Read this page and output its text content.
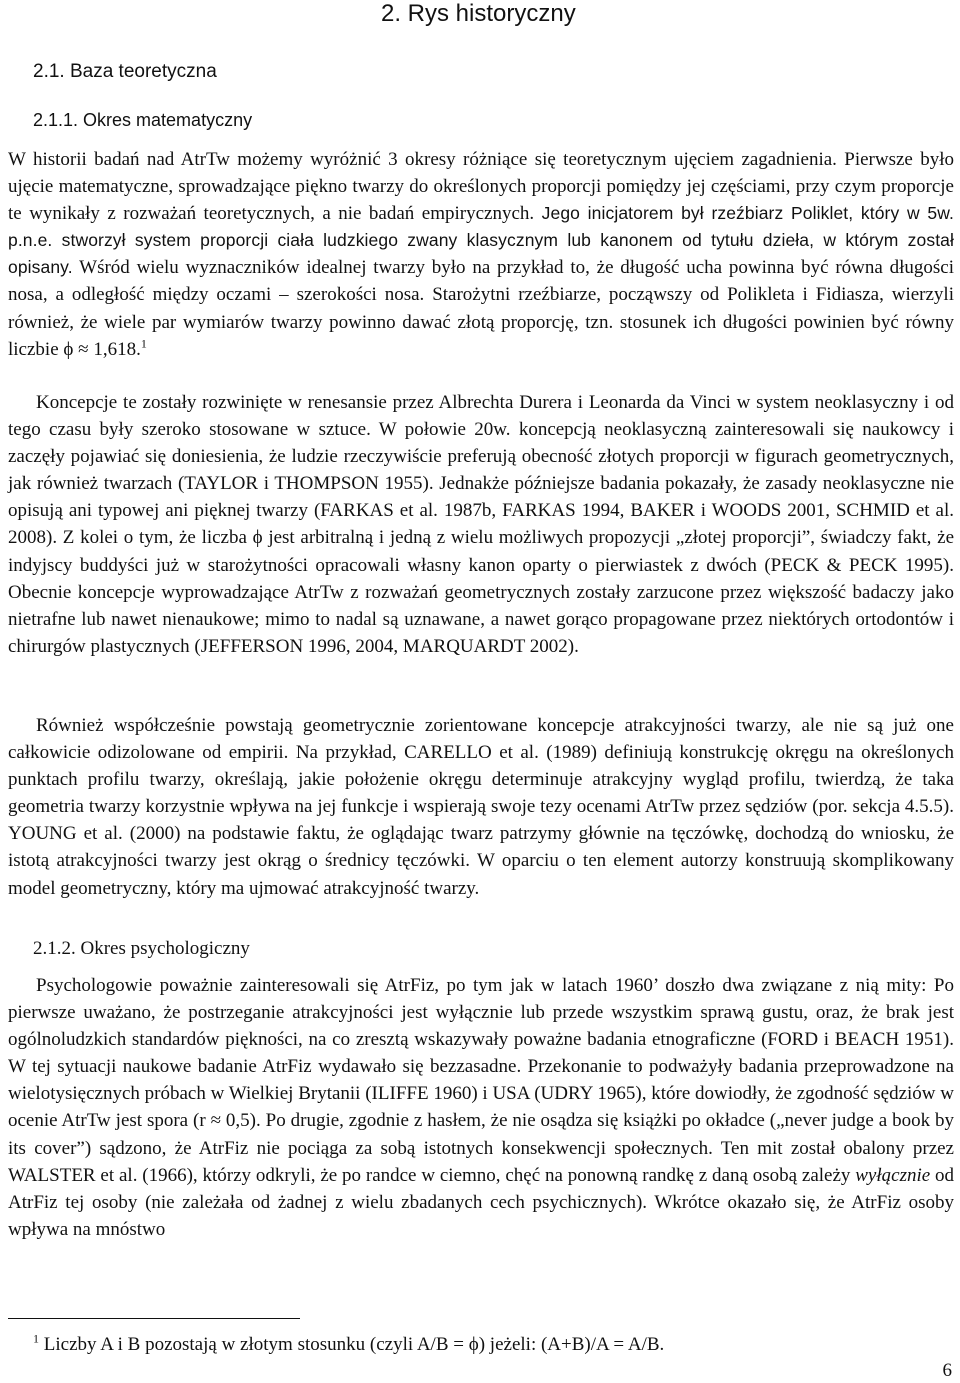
2. Rys historyczny
2.1. Baza teoretyczna
2.1.1. Okres matematyczny

W historii badań nad AtrTw możemy wyróżnić 3 okresy różniące się teoretycznym ujęciem zagadnienia. Pierwsze było ujęcie matematyczne, sprowadzające piękno twarzy do określonych proporcji pomiędzy jej częściami, przy czym proporcje te wynikały z rozważań teoretycznych, a nie badań empirycznych. Jego inicjatorem był rzeźbiarz Poliklet, który w 5w. p.n.e. stworzył system proporcji ciała ludzkiego zwany klasycznym lub kanonem od tytułu dzieła, w którym został opisany. Wśród wielu wyznaczników idealnej twarzy było na przykład to, że długość ucha powinna być równa długości nosa, a odległość między oczami – szerokości nosa. Starożytni rzeźbiarze, począwszy od Polikleta i Fidiasza, wierzyli również, że wiele par wymiarów twarzy powinno dawać złotą proporcję, tzn. stosunek ich długości powinien być równy liczbie ϕ ≈ 1,618.$^1$

Koncepcje te zostały rozwinięte w renesansie przez Albrechta Durera i Leonarda da Vinci w system neoklasyczny i od tego czasu były szeroko stosowane w sztuce. W połowie 20w. koncepcją neoklasyczną zainteresowali się naukowcy i zaczęły pojawiać się doniesienia, że ludzie rzeczywiście preferują obecność złotych proporcji w figurach geometrycznych, jak również twarzach (TAYLOR i THOMPSON 1955). Jednakże późniejsze badania pokazały, że zasady neoklasyczne nie opisują ani typowej ani pięknej twarzy (FARKAS et al. 1987b, FARKAS 1994, BAKER i WOODS 2001, SCHMID et al. 2008). Z kolei o tym, że liczba ϕ jest arbitralną i jedną z wielu możliwych propozycji „złotej proporcji”, świadczy fakt, że indyjscy buddyści już w starożytności opracowali własny kanon oparty o pierwiastek z dwóch (PECK & PECK 1995). Obecnie koncepcje wyprowadzające AtrTw z rozważań geometrycznych zostały zarzucone przez większość badaczy jako nietrafne lub nawet nienaukowe; mimo to nadal są uznawane, a nawet gorąco propagowane przez niektórych ortodontów i chirurgów plastycznych (JEFFERSON 1996, 2004, MARQUARDT 2002).

Również współcześnie powstają geometrycznie zorientowane koncepcje atrakcyjności twarzy, ale nie są już one całkowicie odizolowane od empirii. Na przykład, CARELLO et al. (1989) definiują konstrukcję okręgu na określonych punktach profilu twarzy, określają, jakie położenie okręgu determinuje atrakcyjny wygląd profilu, twierdzą, że taka geometria twarzy korzystnie wpływa na jej funkcje i wspierają swoje tezy ocenami AtrTw przez sędziów (por. sekcja 4.5.5). YOUNG et al. (2000) na podstawie faktu, że oglądając twarz patrzymy głównie na tęczówkę, dochodzą do wniosku, że istotą atrakcyjności twarzy jest okrąg o średnicy tęczówki. W oparciu o ten element autorzy konstruują skomplikowany model geometryczny, który ma ujmować atrakcyjność twarzy.

2.1.2. Okres psychologiczny

Psychologowie poważnie zainteresowali się AtrFiz, po tym jak w latach 1960’ doszło dwa związane z nią mity: Po pierwsze uważano, że postrzeganie atrakcyjności jest wyłącznie lub przede wszystkim sprawą gustu, oraz, że brak jest ogólnoludzkich standardów piękności, na co zresztą wskazywały poważne badania etnograficzne (FORD i BEACH 1951). W tej sytuacji naukowe badanie AtrFiz wydawało się bezzasadne. Przekonanie to podważyły badania przeprowadzone na wielotysięcznych próbach w Wielkiej Brytanii (ILIFFE 1960) i USA (UDRY 1965), które dowiodły, że zgodność sędziów w ocenie AtrTw jest spora (r ≈ 0,5). Po drugie, zgodnie z hasłem, że nie osądza się książki po okładce („never judge a book by its cover”) sądzono, że AtrFiz nie pociąga za sobą istotnych konsekwencji społecznych. Ten mit został obalony przez WALSTER et al. (1966), którzy odkryli, że po randce w ciemno, chęć na ponowną randkę z daną osobą zależy wyłącznie od AtrFiz tej osoby (nie zależała od żadnej z wielu zbadanych cech psychicznych). Wkrótce okazało się, że AtrFiz osoby wpływa na mnóstwo

$^1$ Liczby A i B pozostają w złotym stosunku (czyli A/B = ϕ) jeżeli: (A+B)/A = A/B.

6
